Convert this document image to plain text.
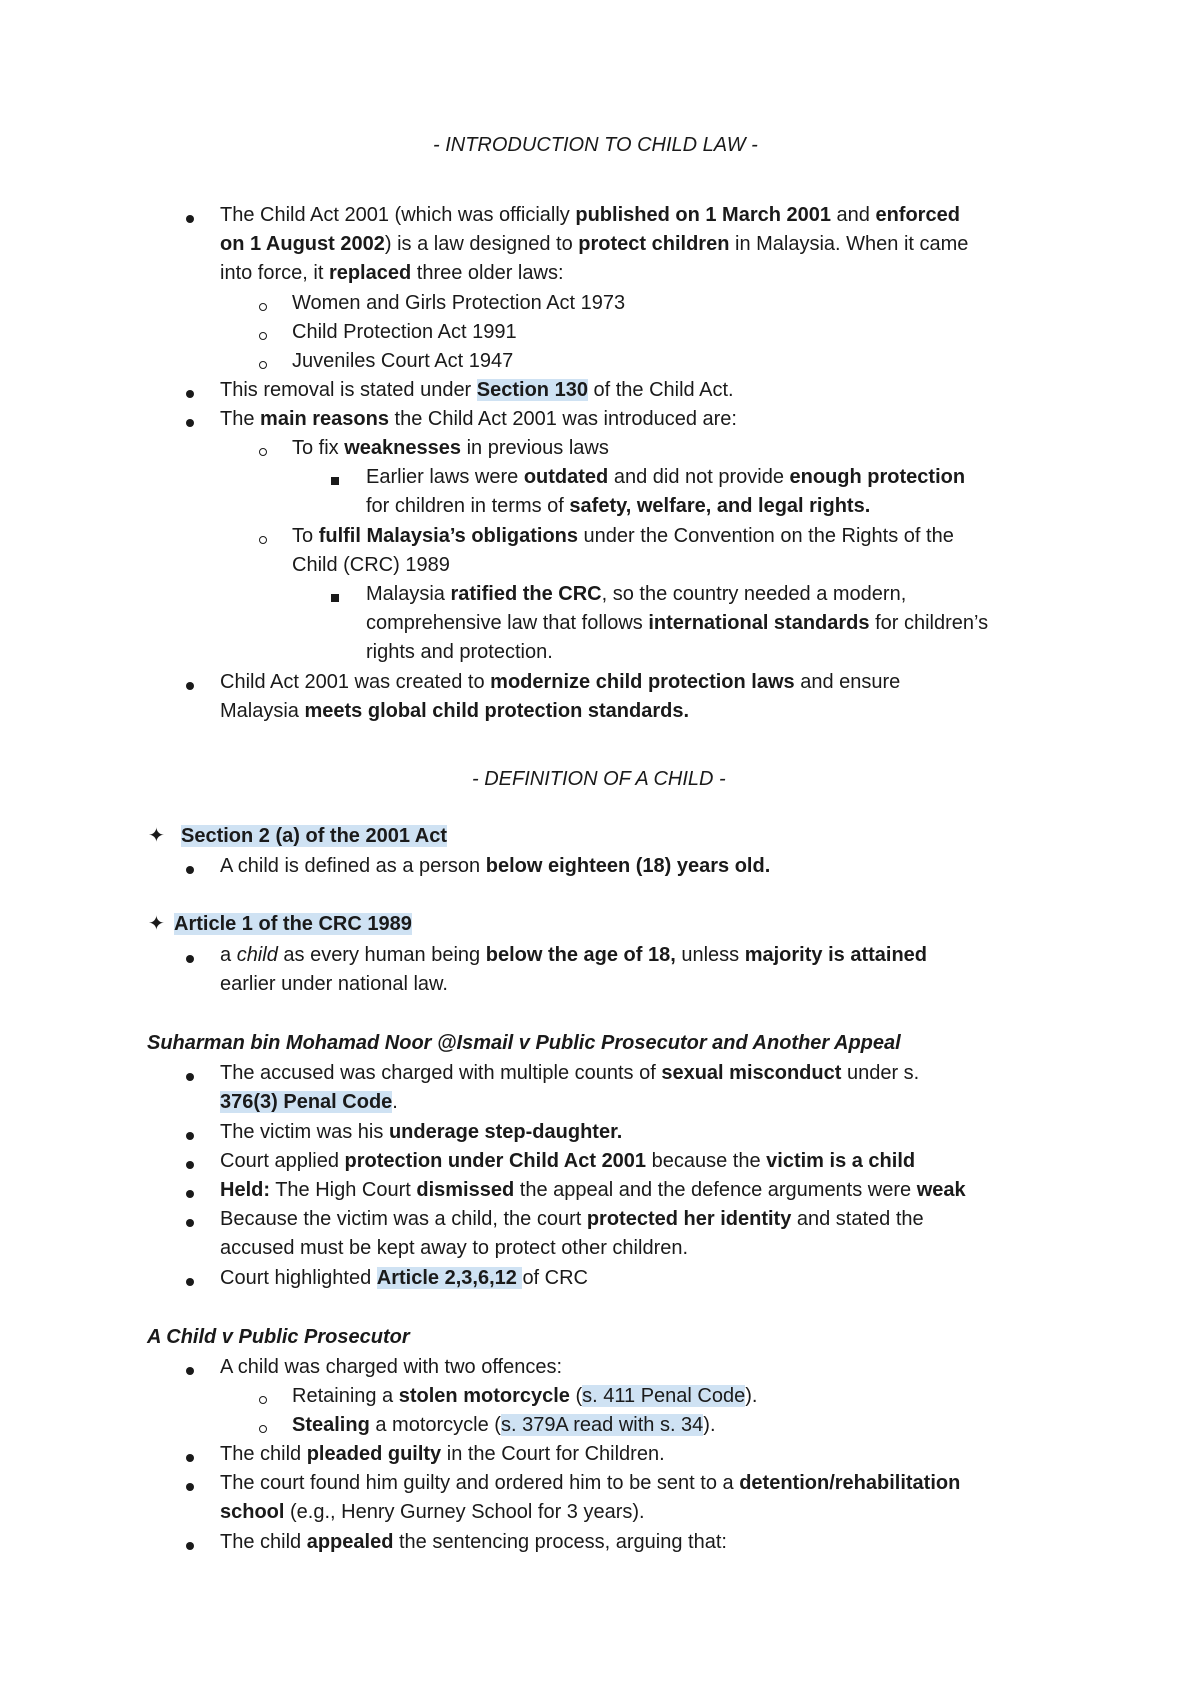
- INTRODUCTION TO CHILD LAW -
The Child Act 2001 (which was officially published on 1 March 2001 and enforced
on 1 August 2002) is a law designed to protect children in Malaysia. When it came
into force, it replaced three older laws:
Women and Girls Protection Act 1973
Child Protection Act 1991
Juveniles Court Act 1947
This removal is stated under Section 130 of the Child Act.
The main reasons the Child Act 2001 was introduced are:
To fix weaknesses in previous laws
Earlier laws were outdated and did not provide enough protection
for children in terms of safety, welfare, and legal rights.
To fulfil Malaysia’s obligations under the Convention on the Rights of the
Child (CRC) 1989
Malaysia ratified the CRC, so the country needed a modern,
comprehensive law that follows international standards for children’s
rights and protection.
Child Act 2001 was created to modernize child protection laws and ensure
Malaysia meets global child protection standards.
- DEFINITION OF A CHILD -
✦ Section 2 (a) of the 2001 Act
A child is defined as a person below eighteen (18) years old.
✦ Article 1 of the CRC 1989
a child as every human being below the age of 18, unless majority is attained
earlier under national law.
Suharman bin Mohamad Noor @Ismail v Public Prosecutor and Another Appeal
The accused was charged with multiple counts of sexual misconduct under s.
376(3) Penal Code.
The victim was his underage step-daughter.
Court applied protection under Child Act 2001 because the victim is a child
Held: The High Court dismissed the appeal and the defence arguments were weak
Because the victim was a child, the court protected her identity and stated the
accused must be kept away to protect other children.
Court highlighted Article 2,3,6,12 of CRC
A Child v Public Prosecutor
A child was charged with two offences:
Retaining a stolen motorcycle (s. 411 Penal Code).
Stealing a motorcycle (s. 379A read with s. 34).
The child pleaded guilty in the Court for Children.
The court found him guilty and ordered him to be sent to a detention/rehabilitation
school (e.g., Henry Gurney School for 3 years).
The child appealed the sentencing process, arguing that:
